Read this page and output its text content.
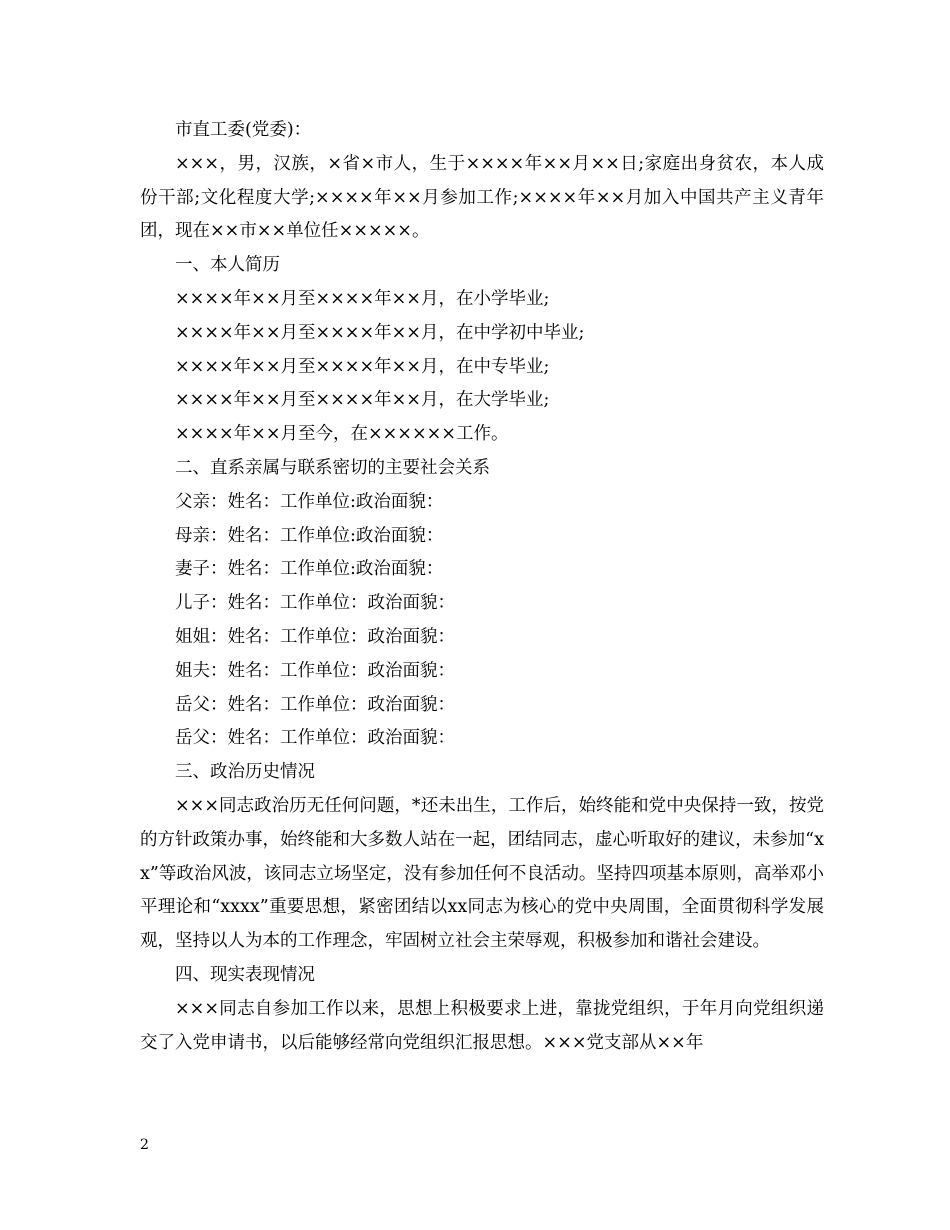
市直工委(党委)：

×××，男，汉族，×省×市人，生于××××年××月××日;家庭出身贫农，本人成份干部;文化程度大学;××××年××月参加工作;××××年××月加入中国共产主义青年团，现在××市××单位任×××××。

一、本人简历

××××年××月至××××年××月，在小学毕业;

××××年××月至××××年××月，在中学初中毕业;

××××年××月至××××年××月，在中专毕业;

××××年××月至××××年××月，在大学毕业;

××××年××月至今，在××××××工作。

二、直系亲属与联系密切的主要社会关系

父亲：姓名：工作单位:政治面貌：

母亲：姓名：工作单位:政治面貌：

妻子：姓名：工作单位:政治面貌：

儿子：姓名：工作单位：政治面貌：

姐姐：姓名：工作单位：政治面貌：

姐夫：姓名：工作单位：政治面貌：

岳父：姓名：工作单位：政治面貌：

岳父：姓名：工作单位：政治面貌：

三、政治历史情况

×××同志政治历无任何问题，*还未出生，工作后，始终能和党中央保持一致，按党的方针政策办事，始终能和大多数人站在一起，团结同志，虚心听取好的建议，未参加“xx”等政治风波，该同志立场坚定，没有参加任何不良活动。坚持四项基本原则，高举邓小平理论和“xxxx”重要思想，紧密团结以xx同志为核心的党中央周围，全面贯彻科学发展观，坚持以人为本的工作理念，牢固树立社会主荣辱观，积极参加和谐社会建设。

四、现实表现情况

×××同志自参加工作以来，思想上积极要求上进，靠拢党组织，于年月向党组织递交了入党申请书，以后能够经常向党组织汇报思想。×××党支部从××年

2
